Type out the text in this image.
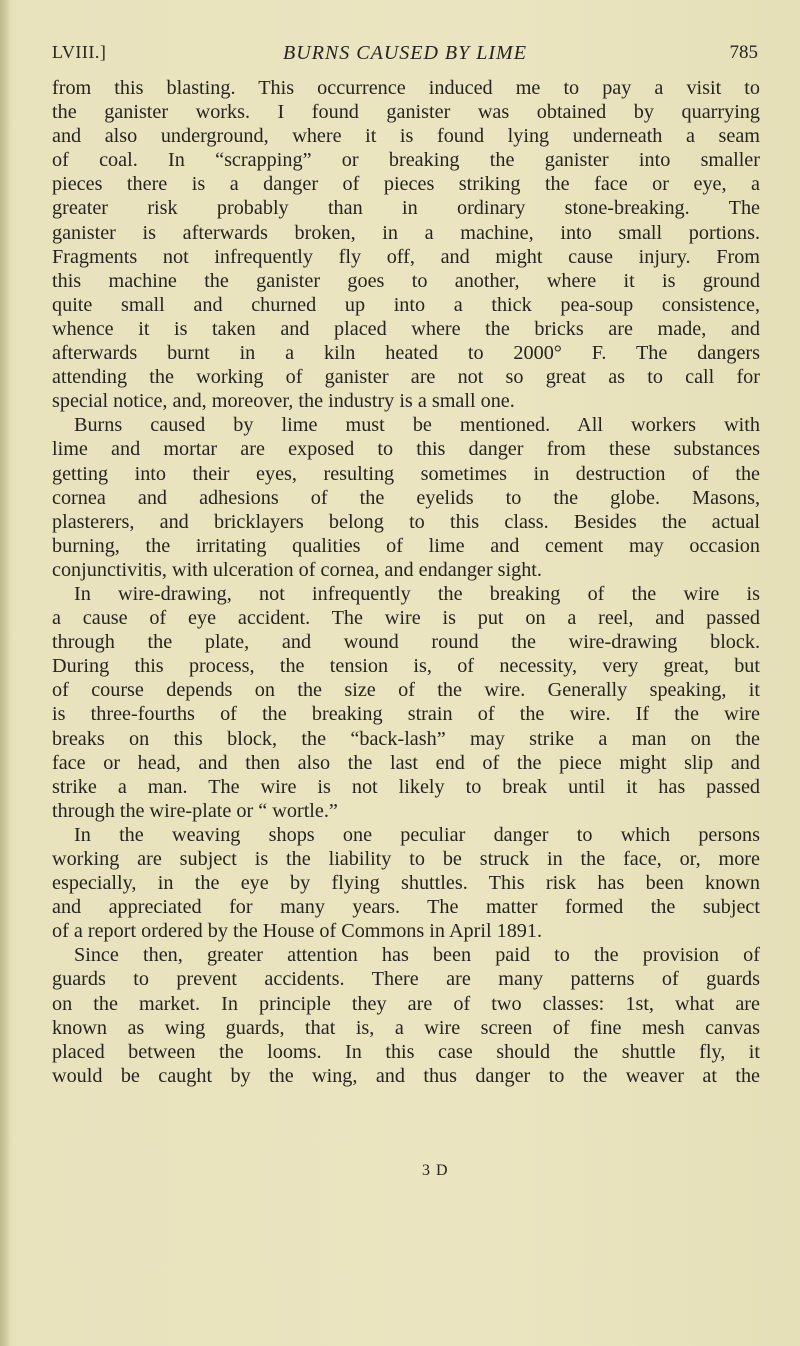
LVIII.]	BURNS CAUSED BY LIME	785
from this blasting. This occurrence induced me to pay a visit to
the ganister works. I found ganister was obtained by quarrying
and also underground, where it is found lying underneath a seam
of coal. In “scrapping” or breaking the ganister into smaller
pieces there is a danger of pieces striking the face or eye, a
greater risk probably than in ordinary stone-breaking. The
ganister is afterwards broken, in a machine, into small portions.
Fragments not infrequently fly off, and might cause injury. From
this machine the ganister goes to another, where it is ground
quite small and churned up into a thick pea-soup consistence,
whence it is taken and placed where the bricks are made, and
afterwards burnt in a kiln heated to 2000° F. The dangers
attending the working of ganister are not so great as to call for
special notice, and, moreover, the industry is a small one.
Burns caused by lime must be mentioned. All workers with
lime and mortar are exposed to this danger from these substances
getting into their eyes, resulting sometimes in destruction of the
cornea and adhesions of the eyelids to the globe. Masons,
plasterers, and bricklayers belong to this class. Besides the actual
burning, the irritating qualities of lime and cement may occasion
conjunctivitis, with ulceration of cornea, and endanger sight.
In wire-drawing, not infrequently the breaking of the wire is
a cause of eye accident. The wire is put on a reel, and passed
through the plate, and wound round the wire-drawing block.
During this process, the tension is, of necessity, very great, but
of course depends on the size of the wire. Generally speaking, it
is three-fourths of the breaking strain of the wire. If the wire
breaks on this block, the “back-lash” may strike a man on the
face or head, and then also the last end of the piece might slip and
strike a man. The wire is not likely to break until it has passed
through the wire-plate or “ wortle.”
In the weaving shops one peculiar danger to which persons
working are subject is the liability to be struck in the face, or, more
especially, in the eye by flying shuttles. This risk has been known
and appreciated for many years. The matter formed the subject
of a report ordered by the House of Commons in April 1891.
Since then, greater attention has been paid to the provision of
guards to prevent accidents. There are many patterns of guards
on the market. In principle they are of two classes: 1st, what are
known as wing guards, that is, a wire screen of fine mesh canvas
placed between the looms. In this case should the shuttle fly, it
would be caught by the wing, and thus danger to the weaver at the
3 D
